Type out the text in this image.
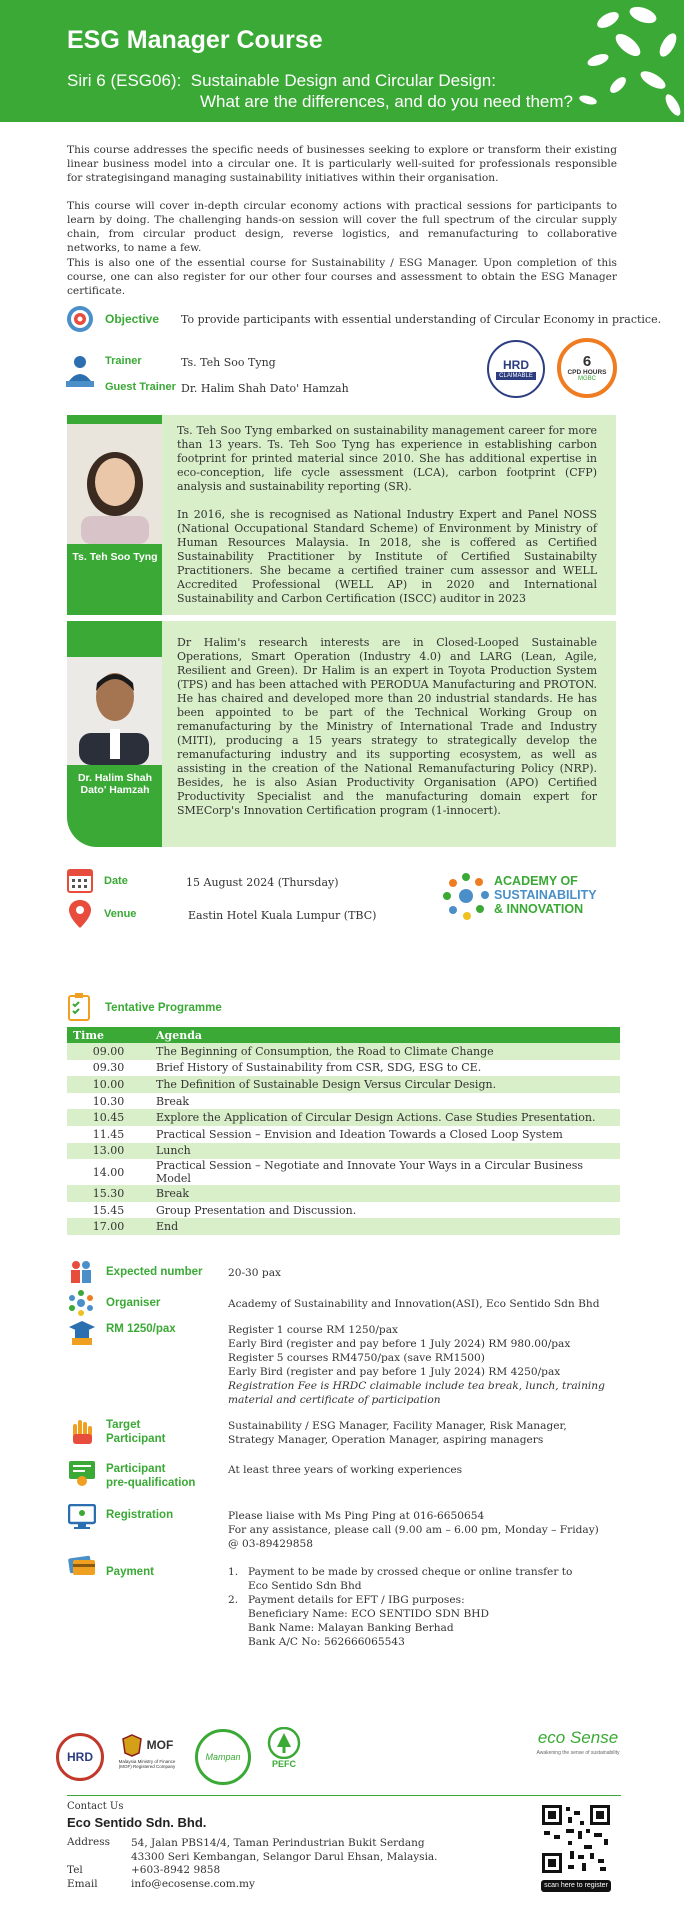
ESG Manager Course
Siri 6 (ESG06): Sustainable Design and Circular Design:
What are the differences, and do you need them?

This course addresses the specific needs of businesses seeking to explore or transform their existing linear business model into a circular one. It is particularly well-suited for professionals responsible for strategisingand managing sustainability initiatives within their organisation.

This course will cover in-depth circular economy actions with practical sessions for participants to learn by doing. The challenging hands-on session will cover the full spectrum of the circular supply chain, from circular product design, reverse logistics, and remanufacturing to collaborative networks, to name a few.

This is also one of the essential course for Sustainability / ESG Manager. Upon completion of this course, one can also register for our other four courses and assessment to obtain the ESG Manager certificate.

Objective To provide participants with essential understanding of Circular Economy in practice.
Trainer	Ts. Teh Soo Tyng
Guest Trainer Dr. Halim Shah Dato' Hamzah
HRD
CLAIMABLE
6
CPD HOURS
MGBC
Ts. Teh Soo Tyng

Ts. Teh Soo Tyng embarked on sustainability management career for more than 13 years. Ts. Teh Soo Tyng has experience in establishing carbon footprint for printed material since 2010. She has additional expertise in eco-conception, life cycle assessment (LCA), carbon footprint (CFP) analysis and sustainability reporting (SR).

In 2016, she is recognised as National Industry Expert and Panel NOSS (National Occupational Standard Scheme) of Environment by Ministry of Human Resources Malaysia. In 2018, she is coffered as Certified Sustainability Practitioner by Institute of Certified Sustainabilty Practitioners. She became a certified trainer cum assessor and WELL Accredited Professional (WELL AP) in 2020 and International Sustainability and Carbon Certification (ISCC) auditor in 2023

Dr. Halim Shah
Dato' Hamzah

Dr Halim's research interests are in Closed-Looped Sustainable Operations, Smart Operation (Industry 4.0) and LARG (Lean, Agile, Resilient and Green). Dr Halim is an expert in Toyota Production System (TPS) and has been attached with PERODUA Manufacturing and PROTON. He has chaired and developed more than 20 industrial standards. He has been appointed to be part of the Technical Working Group on remanufacturing by the Ministry of International Trade and Industry (MITI), producing a 15 years strategy to strategically develop the remanufacturing industry and its supporting ecosystem, as well as assisting in the creation of the National Remanufacturing Policy (NRP). Besides, he is also Asian Productivity Organisation (APO) Certified Productivity Specialist and the manufacturing domain expert for SMECorp's Innovation Certification program (1-innocert).

Date	15 August 2024 (Thursday)
Venue	Eastin Hotel Kuala Lumpur (TBC)
ACADEMY OF
SUSTAINABILITY
& INNOVATION
Tentative Programme
Time	Agenda
09.00	The Beginning of Consumption, the Road to Climate Change
09.30	Brief History of Sustainability from CSR, SDG, ESG to CE.
10.00	The Definition of Sustainable Design Versus Circular Design.
10.30	Break
10.45	Explore the Application of Circular Design Actions. Case Studies Presentation.
11.45	Practical Session – Envision and Ideation Towards a Closed Loop System
13.00	Lunch
14.00	Practical Session – Negotiate and Innovate Your Ways in a Circular Business Model
15.30	Break
15.45	Group Presentation and Discussion.
17.00	End
Expected number 20-30 pax
Organiser	Academy of Sustainability and Innovation(ASI), Eco Sentido Sdn Bhd
RM 1250/pax	Register 1 course RM 1250/pax
Early Bird (register and pay before 1 July 2024) RM 980.00/pax
Register 5 courses RM4750/pax (save RM1500)
Early Bird (register and pay before 1 July 2024) RM 4250/pax
Registration Fee is HRDC claimable include tea break, lunch, training
material and certificate of participation
Target
Participant
Sustainability / ESG Manager, Facility Manager, Risk Manager,
Strategy Manager, Operation Manager, aspiring managers
Participant
pre-qualification
At least three years of working experiences
Registration	Please liaise with Ms Ping Ping at 016-6650654
For any assistance, please call (9.00 am – 6.00 pm, Monday – Friday)
@ 03-89429858
Payment	1. Payment to be made by crossed cheque or online transfer to
Eco Sentido Sdn Bhd
2. Payment details for EFT / IBG purposes:
Beneficiary Name: ECO SENTIDO SDN BHD
Bank Name: Malayan Banking Berhad
Bank A/C No: 562666065543
HRD
MOF
Malaysia Ministry of Finance (MOF) Registered Company
Mampan
PEFC
eco Sense
Awakening the sense of sustainability
Contact Us
Eco Sentido Sdn. Bhd.
Address 54, Jalan PBS14/4, Taman Perindustrian Bukit Serdang
43300 Seri Kembangan, Selangor Darul Ehsan, Malaysia.
Tel	+603-8942 9858
Email	info@ecosense.com.my	scan here to register
